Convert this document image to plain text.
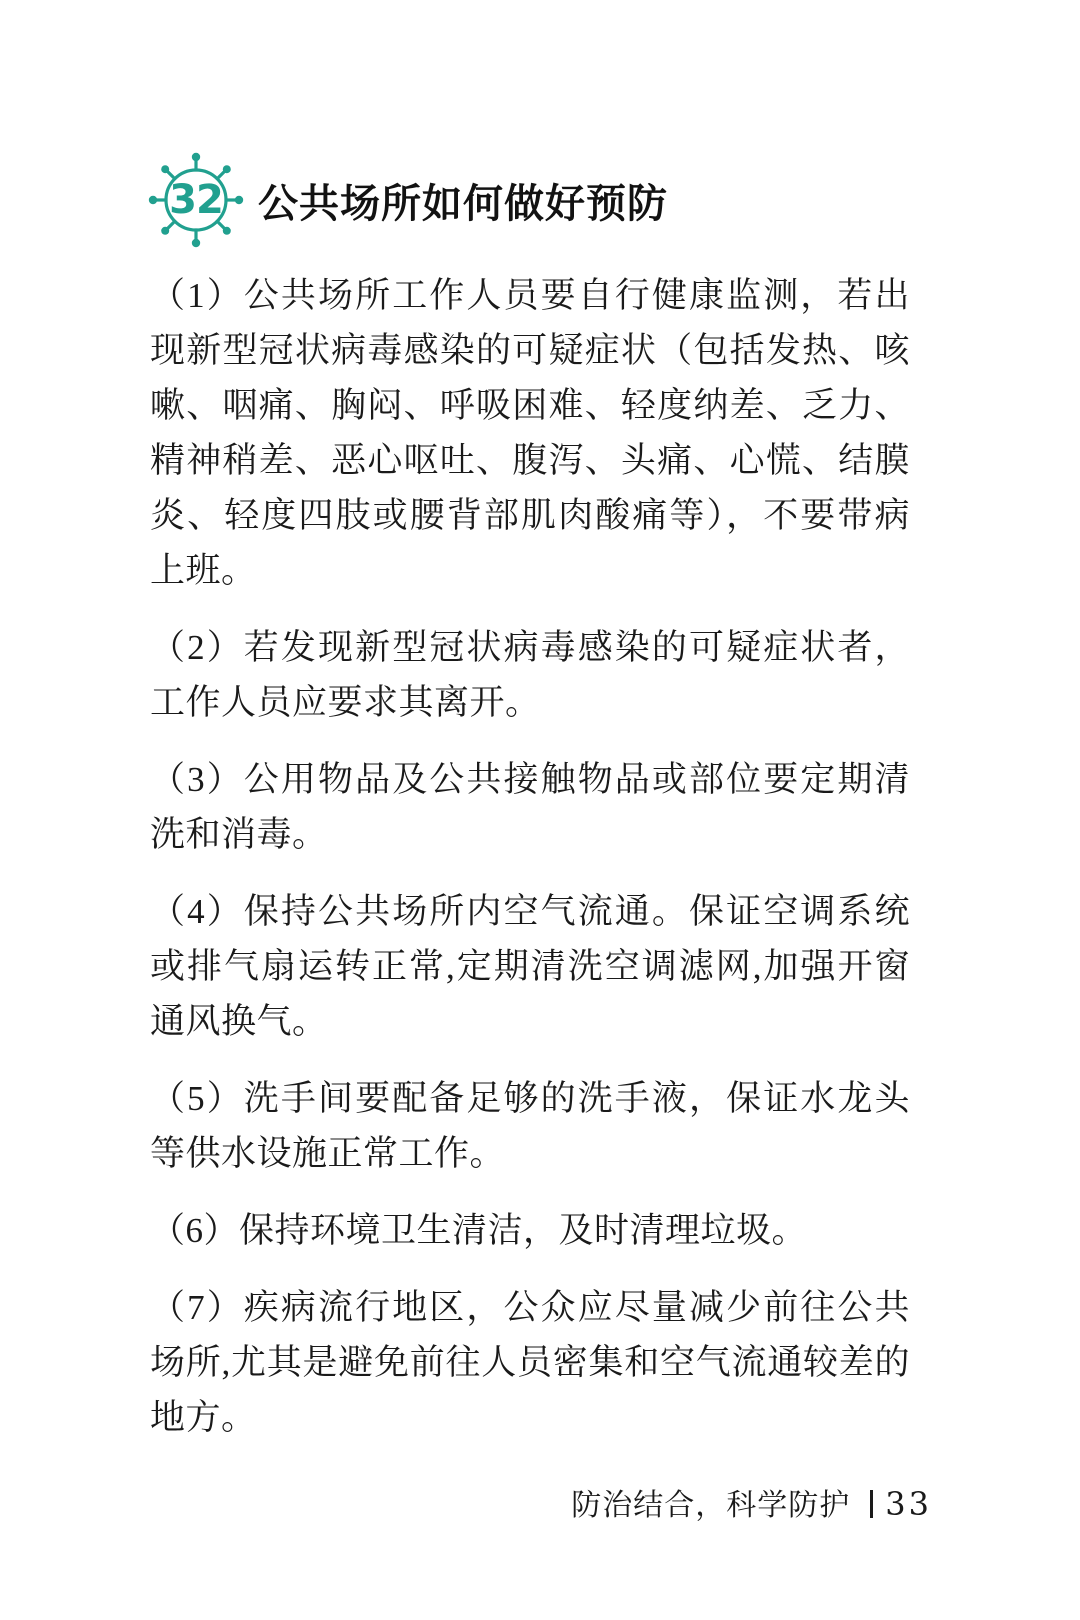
32 公共场所如何做好预防

（1）公共场所工作人员要自行健康监测，若出现新型冠状病毒感染的可疑症状（包括发热、咳嗽、咽痛、胸闷、呼吸困难、轻度纳差、乏力、精神稍差、恶心呕吐、腹泻、头痛、心慌、结膜炎、轻度四肢或腰背部肌肉酸痛等），不要带病上班。

（2）若发现新型冠状病毒感染的可疑症状者，工作人员应要求其离开。

（3）公用物品及公共接触物品或部位要定期清洗和消毒。

（4）保持公共场所内空气流通。保证空调系统或排气扇运转正常,定期清洗空调滤网,加强开窗通风换气。

（5）洗手间要配备足够的洗手液，保证水龙头等供水设施正常工作。

（6）保持环境卫生清洁，及时清理垃圾。

（7）疾病流行地区，公众应尽量减少前往公共场所,尤其是避免前往人员密集和空气流通较差的地方。

防治结合，科学防护 33
